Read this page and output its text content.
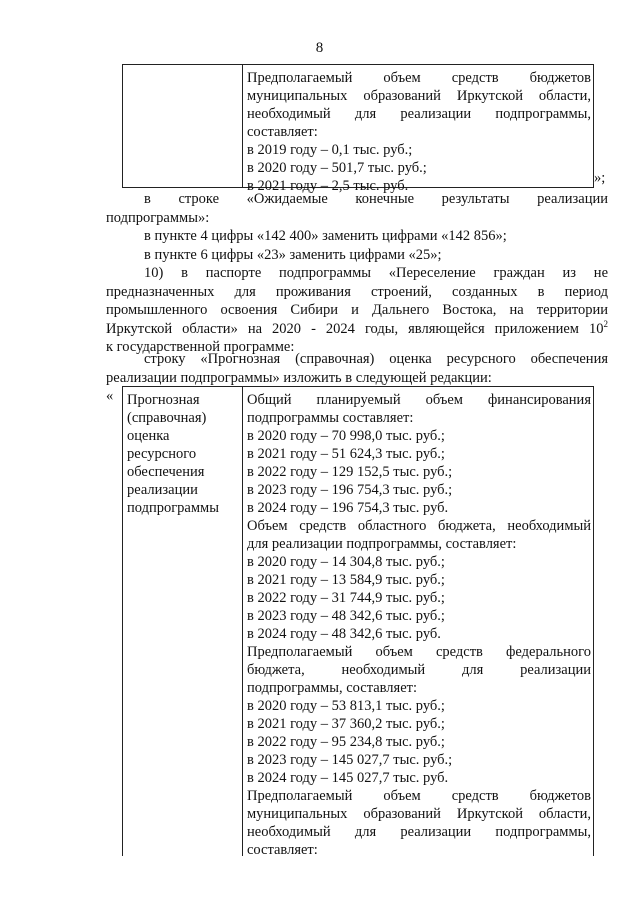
8
Предполагаемый объем средств бюджетов
муниципальных образований Иркутской области,
необходимый для реализации подпрограммы,
составляет:
в 2019 году – 0,1 тыс. руб.;
в 2020 году – 501,7 тыс. руб.;
в 2021 году – 2,5 тыс. руб.	»;
в строке «Ожидаемые конечные результаты реализации
подпрограммы»:
в пункте 4 цифры «142 400» заменить цифрами «142 856»;
в пункте 6 цифры «23» заменить цифрами «25»;
10) в паспорте подпрограммы «Переселение граждан из не
предназначенных для проживания строений, созданных в период
промышленного освоения Сибири и Дальнего Востока, на территории
Иркутской области» на 2020 - 2024 годы, являющейся приложением $10^2$
к государственной программе:
строку «Прогнозная (справочная) оценка ресурсного обеспечения
реализации подпрограммы» изложить в следующей редакции:
« Прогнозная
(справочная)
оценка
ресурсного
обеспечения
реализации
подпрограммы
Общий планируемый объем финансирования
подпрограммы составляет:
в 2020 году – 70 998,0 тыс. руб.;
в 2021 году – 51 624,3 тыс. руб.;
в 2022 году – 129 152,5 тыс. руб.;
в 2023 году – 196 754,3 тыс. руб.;
в 2024 году – 196 754,3 тыс. руб.
Объем средств областного бюджета, необходимый
для реализации подпрограммы, составляет:
в 2020 году – 14 304,8 тыс. руб.;
в 2021 году – 13 584,9 тыс. руб.;
в 2022 году – 31 744,9 тыс. руб.;
в 2023 году – 48 342,6 тыс. руб.;
в 2024 году – 48 342,6 тыс. руб.
Предполагаемый объем средств федерального
бюджета, необходимый для реализации
подпрограммы, составляет:
в 2020 году – 53 813,1 тыс. руб.;
в 2021 году – 37 360,2 тыс. руб.;
в 2022 году – 95 234,8 тыс. руб.;
в 2023 году – 145 027,7 тыс. руб.;
в 2024 году – 145 027,7 тыс. руб.
Предполагаемый объем средств бюджетов
муниципальных образований Иркутской области,
необходимый для реализации подпрограммы,
составляет:
